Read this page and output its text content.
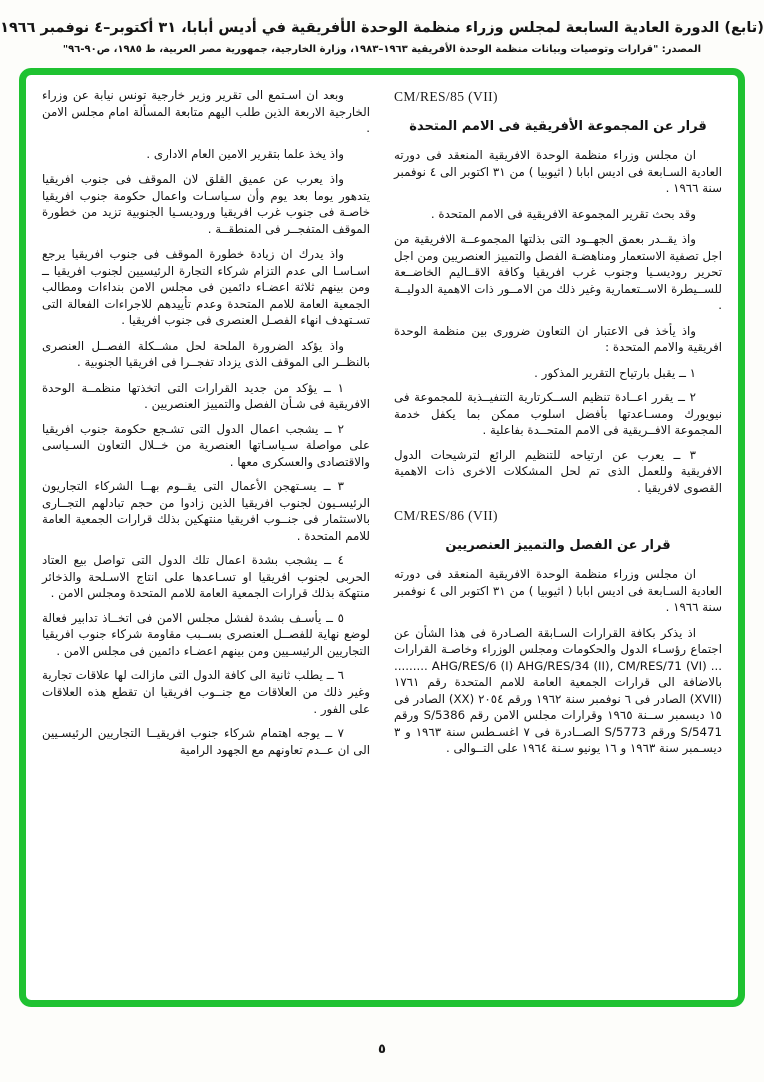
(تابع) الدورة العادية السابعة لمجلس وزراء منظمة الوحدة الأفريقية في أديس أبابا، ٣١ أكتوبر–٤ نوفمبر ١٩٦٦
المصدر: "قرارات وتوصيات وبيانات منظمة الوحدة الأفريقية ١٩٦٣–١٩٨٣، وزارة الخارجية، جمهورية مصر العربية، ط ١٩٨٥، ص٩٠-٩٦"
CM/RES/85 (VII)
قرار عن المجموعة الأفريقية فى الامم المتحدة

ان مجلس وزراء منظمة الوحدة الافريقية المنعقد فى دورته العادية السـابعة فى اديس ابابا ( اثيوبيا ) من ٣١ اكتوبر الى ٤ نوفمبر سنة ١٩٦٦ .

وقد بحث تقرير المجموعة الافريقية فى الامم المتحدة .

واذ يقــدر بعمق الجهــود التى بذلتها المجموعــة الافريقية من اجل تصفية الاستعمار ومناهضـة الفصل والتمييز العنصريين ومن اجل تحرير روديسـيا وجنوب غرب افريقيا وكافة الاقــاليم الخاضــعة للســيطرة الاســتعمارية وغير ذلك من الامــور ذات الاهمية الدوليــة .

واذ يأخذ فى الاعتبار ان التعاون ضرورى بين منظمة الوحدة افريقية والامم المتحدة :

١ ــ يقبل بارتياح التقرير المذكور .

٢ ــ يقرر اعــادة تنظيم الســكرتارية التنفيــذية للمجموعة فى نيويورك ومسـاعدتها بأفضل اسلوب ممكن بما يكفل خدمة المجموعة الافــريقية فى الامم المتحــدة بفاعلية .

٣ ــ يعرب عن ارتياحه للتنظيم الرائع لترشيحات الدول الافريقية وللعمل الذى تم لحل المشكلات الاخرى ذات الاهمية القصوى لافريقيا .

CM/RES/86 (VII)
قرار عن الفصل والتمييز العنصريين

ان مجلس وزراء منظمة الوحدة الافريقية المنعقد فى دورته العادية السـابعة فى اديس ابابا ( اثيوبيا ) من ٣١ اكتوبر الى ٤ نوفمبر سنة ١٩٦٦ .

اذ يذكر بكافة القرارات السـابقة الصـادرة فى هذا الشأن عن اجتماع رؤسـاء الدول والحكومات ومجلس الوزراء وخاصـة القرارات ... ‎AHG/RES/6 (I)‎ ‎AHG/RES/34 (II), CM/RES/71 (VI)‎ ......... بالاضافة الى قرارات الجمعية العامة للامم المتحدة رقم ١٧٦١ ‎(XVII)‎ الصادر فى ٦ نوفمبر سنة ١٩٦٢ ورقم ٢٠٥٤ ‎(XX)‎ الصادر فى ١٥ ديسمبر ســنة ١٩٦٥ وقرارات مجلس الامن رقم ‎S/5386‎ ورقم ‎S/5471‎ ورقم ‎S/5773‎ الصــادرة فى ٧ اغسـطس سنة ١٩٦٣ و ٣ ديسـمبر سنة ١٩٦٣ و ١٦ يونيو سـنة ١٩٦٤ على التــوالى .

وبعد ان اسـتمع الى تقرير وزير خارجية تونس نيابة عن وزراء الخارجية الاربعة الذين طلب اليهم متابعة المسألة امام مجلس الامن .

واذ يخذ علما بتقرير الامين العام الادارى .

واذ يعرب عن عميق القلق لان الموقف فى جنوب افريقيا يتدهور يوما بعد يوم وأن سـياسـات واعمال حكومة جنوب افريقيا خاصـة فى جنوب غرب افريقيا وروديسـيا الجنوبية تزيد من خطورة الموقف المتفجــر فى المنطقــة .

واذ يدرك ان زيادة خطورة الموقف فى جنوب افريقيا يرجع اسـاسـا الى عدم التزام شركاء التجارة الرئيسيين لجنوب افريقيا ــ ومن بينهم ثلاثة اعضـاء دائمين فى مجلس الامن بنداءات ومطالب الجمعية العامة للامم المتحدة وعدم تأييدهم للاجراءات الفعالة التى تسـتهدف انهاء الفصـل العنصرى فى جنوب افريقيا .

واذ يؤكد الضرورة الملحة لحل مشــكلة الفصــل العنصرى بالنظــر الى الموقف الذى يزداد تفجــرا فى افريقيا الجنوبية .

١ ــ يؤكد من جديد القرارات التى اتخذتها منظمــة الوحدة الافريقية فى شـأن الفصل والتمييز العنصريين .

٢ ــ يشجب اعمال الدول التى تشـجع حكومة جنوب افريقيا على مواصلة سـياسـاتها العنصرية من خــلال التعاون السـياسى والاقتصادى والعسكرى معها .

٣ ــ يسـتهجن الأعمال التى يقــوم بهــا الشركاء التجاريون الرئيسـيون لجنوب افريقيا الذين زادوا من حجم تبادلهم التجــارى بالاستثمار فى جنــوب افريقيا منتهكين بذلك قرارات الجمعية العامة للامم المتحدة .

٤ ــ يشجب بشدة اعمال تلك الدول التى تواصل بيع العتاد الحربى لجنوب افريقيا او تسـاعدها على انتاج الاسـلحة والذخائر منتهكة بذلك قرارات الجمعية العامة للامم المتحدة ومجلس الامن .

٥ ــ يأسـف بشدة لفشل مجلس الامن فى اتخــاذ تدابير فعالة لوضع نهاية للفصــل العنصرى بســبب مقاومة شركاء جنوب افريقيا التجاريين الرئيسـيين ومن بينهم اعضـاء دائمين فى مجلس الامن .

٦ ــ يطلب ثانية الى كافة الدول التى مازالت لها علاقات تجارية وغير ذلك من العلاقات مع جنــوب افريقيا ان تقطع هذه العلاقات على الفور .

٧ ــ يوجه اهتمام شركاء جنوب افريقيــا التجاريين الرئيسـيين الى ان عــدم تعاونهم مع الجهود الرامية

٥
